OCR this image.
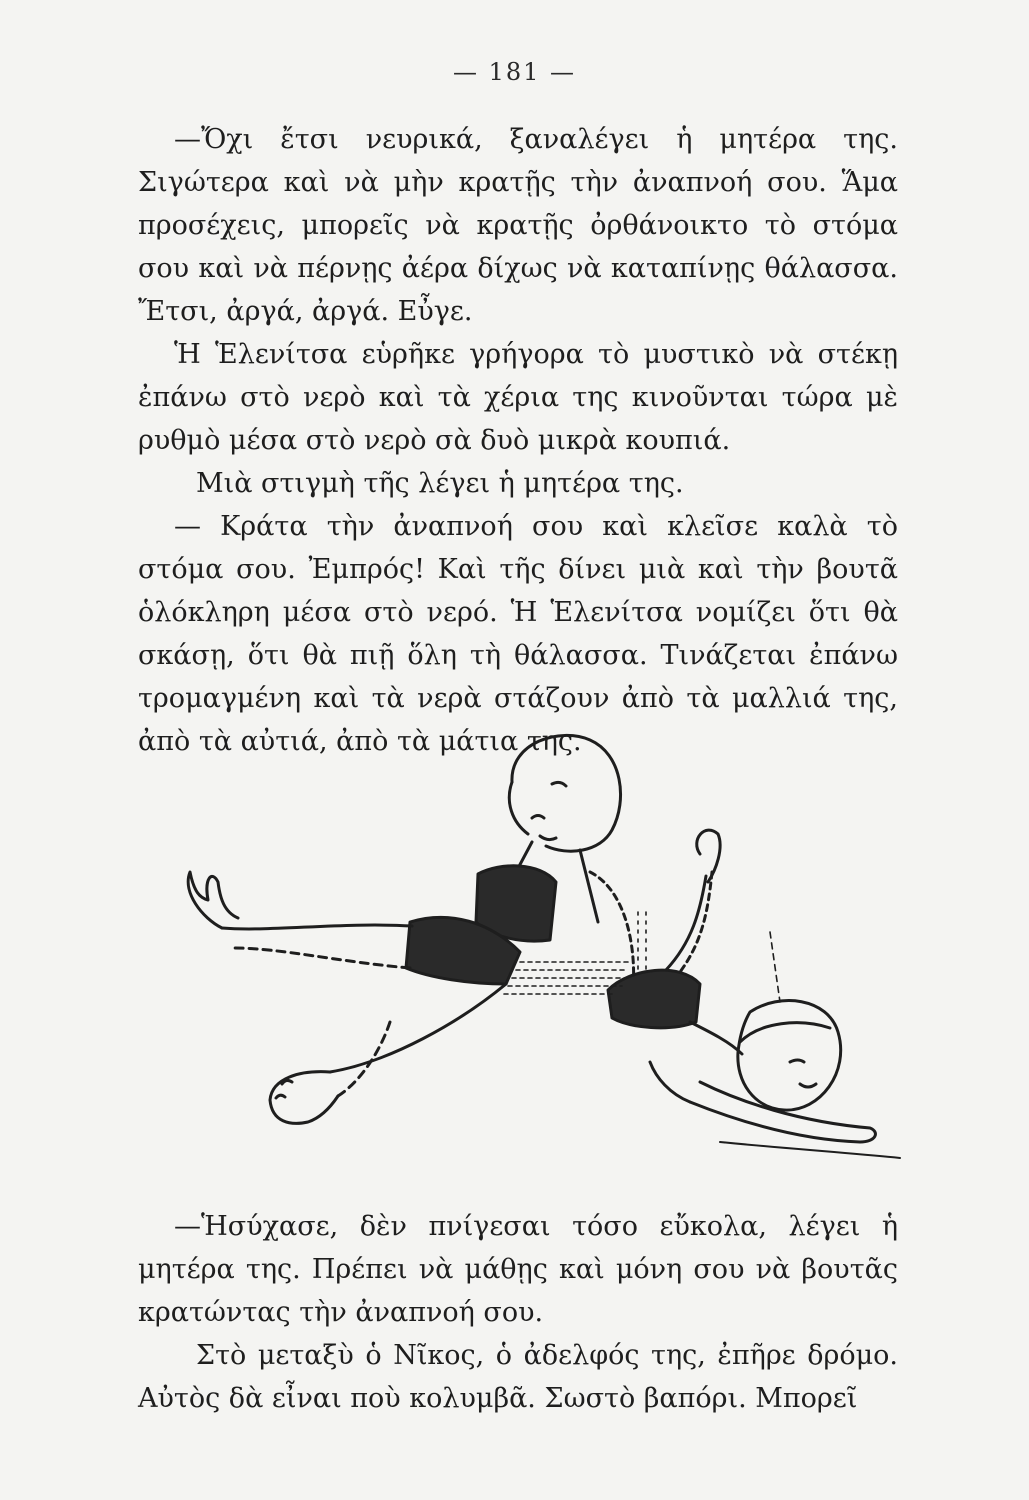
— 181 —

—Ὄχι ἔτσι νευρικά, ξαναλέγει ἡ μητέρα της. Σιγώτερα καὶ νὰ μὴν κρατῇς τὴν ἀναπνοή σου. Ἅμα προσέχεις, μπορεῖς νὰ κρατῇς ὀρθάνοικτο τὸ στόμα σου καὶ νὰ πέρνῃς ἀέρα δίχως νὰ καταπίνῃς θάλασσα. Ἔτσι, ἀργά, ἀργά. Εὖγε.

Ἡ Ἑλενίτσα εὑρῆκε γρήγορα τὸ μυστικὸ νὰ στέκῃ ἐπάνω στὸ νερὸ καὶ τὰ χέρια της κινοῦνται τώρα μὲ ρυθμὸ μέσα στὸ νερὸ σὰ δυὸ μικρὰ κουπιά.

Μιὰ στιγμὴ τῆς λέγει ἡ μητέρα της.

— Κράτα τὴν ἀναπνοή σου καὶ κλεῖσε καλὰ τὸ στόμα σου. Ἐμπρός! Καὶ τῆς δίνει μιὰ καὶ τὴν βουτᾶ ὁλόκληρη μέσα στὸ νερό. Ἡ Ἑλενίτσα νομίζει ὅτι θὰ σκάσῃ, ὅτι θὰ πιῇ ὅλη τὴ θάλασσα. Τινάζεται ἐπάνω τρομαγμένη καὶ τὰ νερὰ στάζουν ἀπὸ τὰ μαλλιά της, ἀπὸ τὰ αὐτιά, ἀπὸ τὰ μάτια της.

—Ἡσύχασε, δὲν πνίγεσαι τόσο εὔκολα, λέγει ἡ μητέρα της. Πρέπει νὰ μάθῃς καὶ μόνη σου νὰ βουτᾶς κρατώντας τὴν ἀναπνοή σου.

Στὸ μεταξὺ ὁ Νῖκος, ὁ ἀδελφός της, ἐπῆρε δρόμο. Αὐτὸς δὰ εἶναι ποὺ κολυμβᾶ. Σωστὸ βαπόρι. Μπορεῖ
